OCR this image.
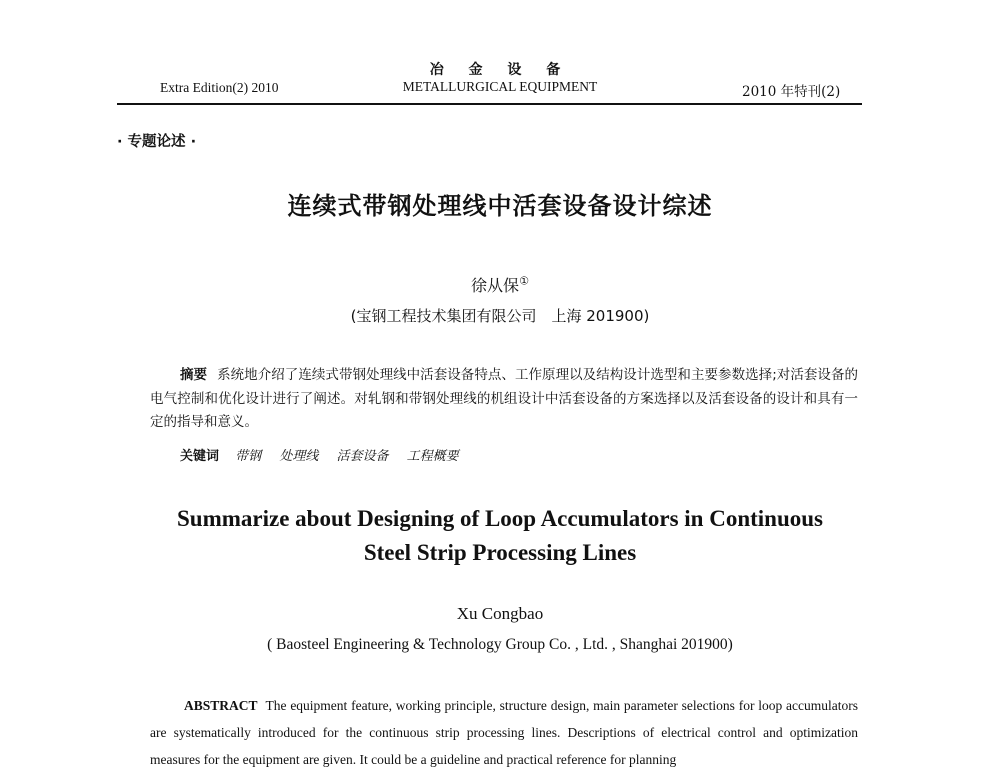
Extra Edition(2) 2010
冶 金 设 备
METALLURGICAL EQUIPMENT	2010 年特刊(2)
· 专题论述 ·
连续式带钢处理线中活套设备设计综述
徐从保①
(宝钢工程技术集团有限公司　上海 201900)
摘要 系统地介绍了连续式带钢处理线中活套设备特点、工作原理以及结构设计选型和主要参数选择;对活套设备的电气控制和优化设计进行了阐述。对轧钢和带钢处理线的机组设计中活套设备的方案选择以及活套设备的设计和具有一定的指导和意义。
关键词 带钢 处理线 活套设备 工程概要
Summarize about Designing of Loop Accumulators in Continuous
Steel Strip Processing Lines
Xu Congbao
( Baosteel Engineering & Technology Group Co. , Ltd. , Shanghai 201900)
ABSTRACT The equipment feature, working principle, structure design, main parameter selections for loop accumulators are systematically introduced for the continuous strip processing lines. Descriptions of electrical control and optimization measures for the equipment are given. It could be a guideline and practical reference for planning
